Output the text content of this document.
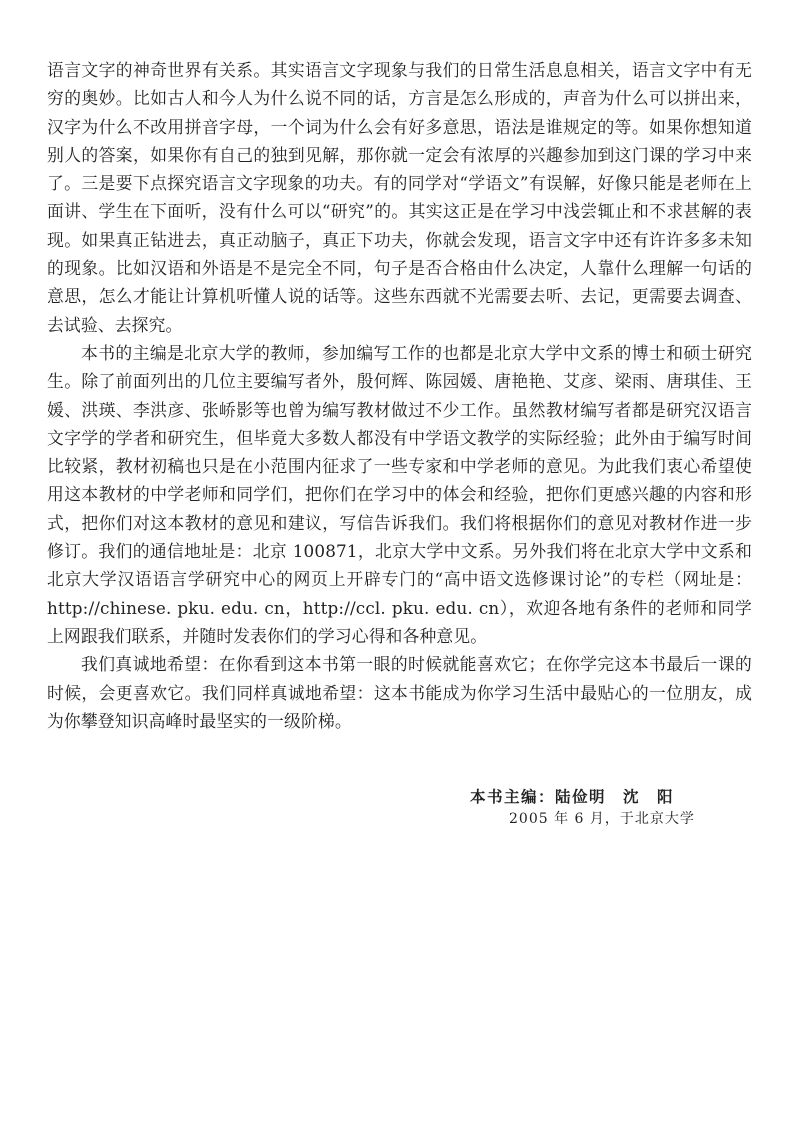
语言文字的神奇世界有关系。其实语言文字现象与我们的日常生活息息相关，语言文字中有无穷的奥妙。比如古人和今人为什么说不同的话，方言是怎么形成的，声音为什么可以拼出来，汉字为什么不改用拼音字母，一个词为什么会有好多意思，语法是谁规定的等。如果你想知道别人的答案，如果你有自己的独到见解，那你就一定会有浓厚的兴趣参加到这门课的学习中来了。三是要下点探究语言文字现象的功夫。有的同学对“学语文”有误解，好像只能是老师在上面讲、学生在下面听，没有什么可以“研究”的。其实这正是在学习中浅尝辄止和不求甚解的表现。如果真正钻进去，真正动脑子，真正下功夫，你就会发现，语言文字中还有许许多多未知的现象。比如汉语和外语是不是完全不同，句子是否合格由什么决定，人靠什么理解一句话的意思，怎么才能让计算机听懂人说的话等。这些东西就不光需要去听、去记，更需要去调查、去试验、去探究。

本书的主编是北京大学的教师，参加编写工作的也都是北京大学中文系的博士和硕士研究生。除了前面列出的几位主要编写者外，殷何辉、陈园媛、唐艳艳、艾彦、梁雨、唐琪佳、王媛、洪瑛、李洪彦、张峤影等也曾为编写教材做过不少工作。虽然教材编写者都是研究汉语言文字学的学者和研究生，但毕竟大多数人都没有中学语文教学的实际经验；此外由于编写时间比较紧，教材初稿也只是在小范围内征求了一些专家和中学老师的意见。为此我们衷心希望使用这本教材的中学老师和同学们，把你们在学习中的体会和经验，把你们更感兴趣的内容和形式，把你们对这本教材的意见和建议，写信告诉我们。我们将根据你们的意见对教材作进一步修订。我们的通信地址是：北京 100871，北京大学中文系。另外我们将在北京大学中文系和北京大学汉语语言学研究中心的网页上开辟专门的“高中语文选修课讨论”的专栏（网址是：http://chinese. pku. edu. cn，http://ccl. pku. edu. cn），欢迎各地有条件的老师和同学上网跟我们联系，并随时发表你们的学习心得和各种意见。

我们真诚地希望：在你看到这本书第一眼的时候就能喜欢它；在你学完这本书最后一课的时候，会更喜欢它。我们同样真诚地希望：这本书能成为你学习生活中最贴心的一位朋友，成为你攀登知识高峰时最坚实的一级阶梯。

本书主编：陆俭明　沈　阳
2005 年 6 月，于北京大学
